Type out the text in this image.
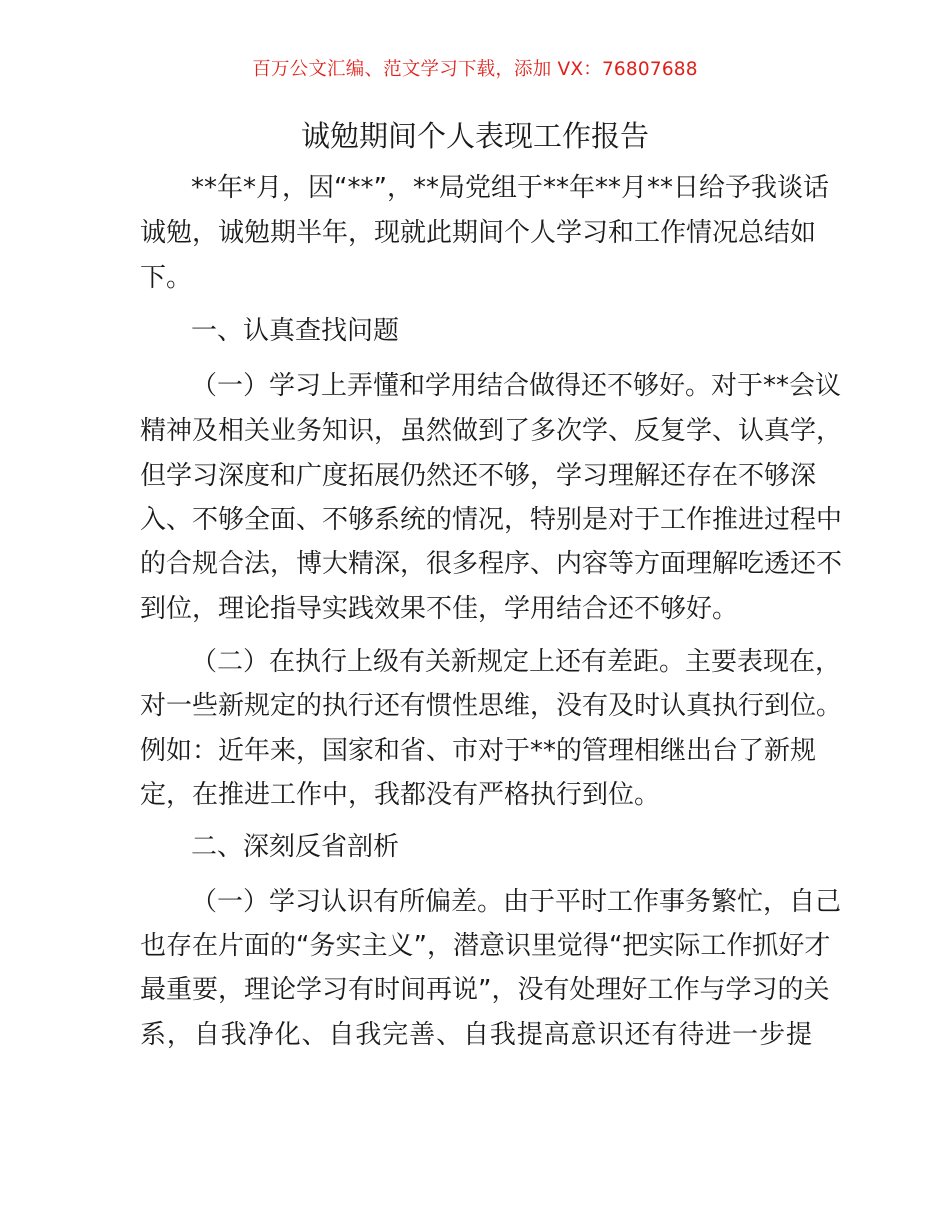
百万公文汇编、范文学习下载，添加 VX：76807688
诚勉期间个人表现工作报告
**年*月，因“**”，**局党组于**年**月**日给予我谈话
诚勉，诚勉期半年，现就此期间个人学习和工作情况总结如
下。
一、认真查找问题
（一）学习上弄懂和学用结合做得还不够好。对于**会议
精神及相关业务知识，虽然做到了多次学、反复学、认真学，
但学习深度和广度拓展仍然还不够，学习理解还存在不够深
入、不够全面、不够系统的情况，特别是对于工作推进过程中
的合规合法，博大精深，很多程序、内容等方面理解吃透还不
到位，理论指导实践效果不佳，学用结合还不够好。
（二）在执行上级有关新规定上还有差距。主要表现在，
对一些新规定的执行还有惯性思维，没有及时认真执行到位。
例如：近年来，国家和省、市对于**的管理相继出台了新规
定，在推进工作中，我都没有严格执行到位。
二、深刻反省剖析
（一）学习认识有所偏差。由于平时工作事务繁忙，自己
也存在片面的“务实主义”，潜意识里觉得“把实际工作抓好才
最重要，理论学习有时间再说”，没有处理好工作与学习的关
系，自我净化、自我完善、自我提高意识还有待进一步提
